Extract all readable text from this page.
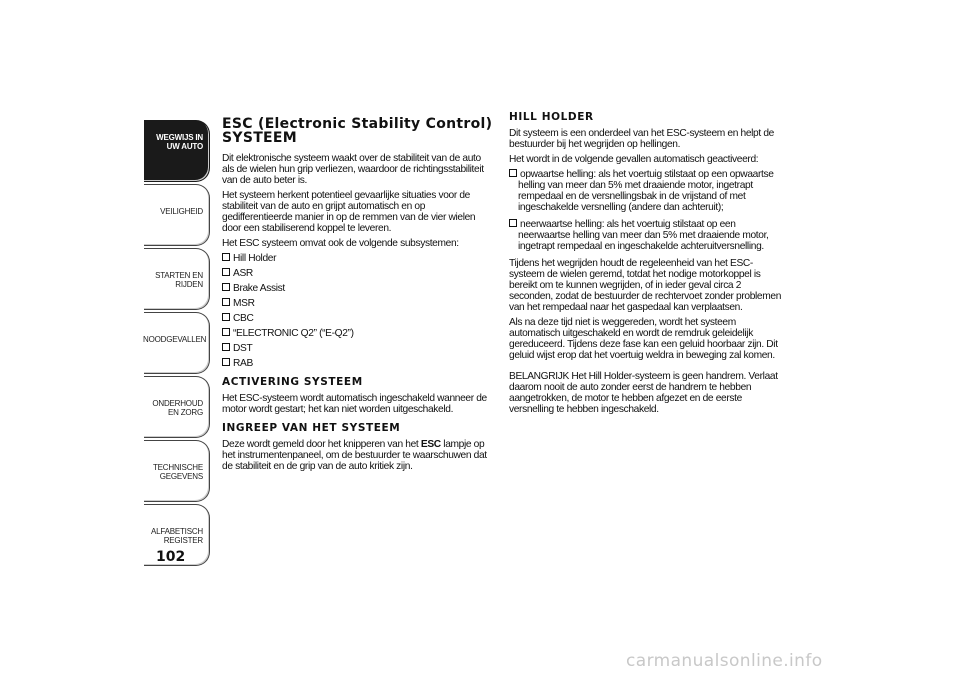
WEGWIJS IN UW AUTO
VEILIGHEID
STARTEN EN RIJDEN
NOODGEVALLEN
ONDERHOUD EN ZORG
TECHNISCHE GEGEVENS
ALFABETISCH REGISTER
102
ESC (Electronic Stability Control) SYSTEEM

Dit elektronische systeem waakt over de stabiliteit van de auto als de wielen hun grip verliezen, waardoor de richtingsstabiliteit van de auto beter is.

Het systeem herkent potentieel gevaarlijke situaties voor de stabiliteit van de auto en grijpt automatisch en op gedifferentieerde manier in op de remmen van de vier wielen door een stabiliserend koppel te leveren.

Het ESC systeem omvat ook de volgende subsystemen:

Hill Holder
ASR
Brake Assist
MSR
CBC
“ELECTRONIC Q2” (“E-Q2”)
DST
RAB
ACTIVERING SYSTEEM

Het ESC-systeem wordt automatisch ingeschakeld wanneer de motor wordt gestart; het kan niet worden uitgeschakeld.

INGREEP VAN HET SYSTEEM

Deze wordt gemeld door het knipperen van het ESC lampje op het instrumentenpaneel, om de bestuurder te waarschuwen dat de stabiliteit en de grip van de auto kritiek zijn.

HILL HOLDER

Dit systeem is een onderdeel van het ESC-systeem en helpt de bestuurder bij het wegrijden op hellingen.

Het wordt in de volgende gevallen automatisch geactiveerd:

opwaartse helling: als het voertuig stilstaat op een opwaartse helling van meer dan 5% met draaiende motor, ingetrapt rempedaal en de versnellingsbak in de vrijstand of met ingeschakelde versnelling (andere dan achteruit);
neerwaartse helling: als het voertuig stilstaat op een neerwaartse helling van meer dan 5% met draaiende motor, ingetrapt rempedaal en ingeschakelde achteruitversnelling.

Tijdens het wegrijden houdt de regeleenheid van het ESC-systeem de wielen geremd, totdat het nodige motorkoppel is bereikt om te kunnen wegrijden, of in ieder geval circa 2 seconden, zodat de bestuurder de rechtervoet zonder problemen van het rempedaal naar het gaspedaal kan verplaatsen.

Als na deze tijd niet is weggereden, wordt het systeem automatisch uitgeschakeld en wordt de remdruk geleidelijk gereduceerd. Tijdens deze fase kan een geluid hoorbaar zijn. Dit geluid wijst erop dat het voertuig weldra in beweging zal komen.

BELANGRIJK Het Hill Holder-systeem is geen handrem. Verlaat daarom nooit de auto zonder eerst de handrem te hebben aangetrokken, de motor te hebben afgezet en de eerste versnelling te hebben ingeschakeld.

carmanualsonline.info
